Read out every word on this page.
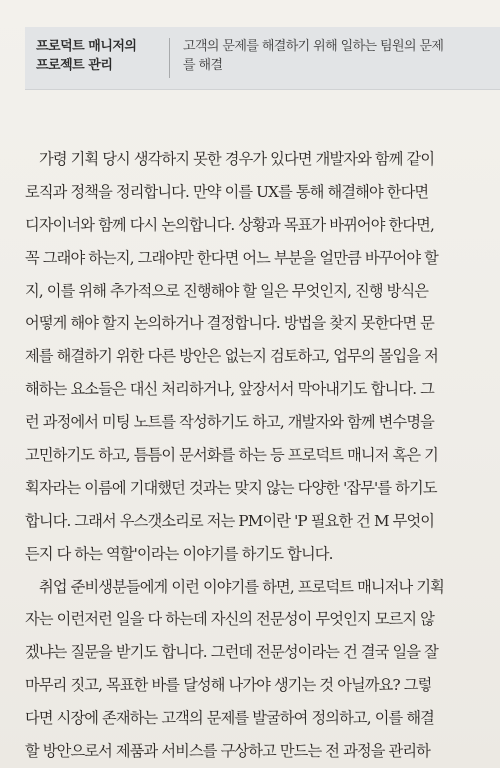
프로덕트 매니저의
프로젝트 관리
고객의 문제를 해결하기 위해 일하는 팀원의 문제
를 해결
가령 기획 당시 생각하지 못한 경우가 있다면 개발자와 함께 같이
로직과 정책을 정리합니다. 만약 이를 UX를 통해 해결해야 한다면
디자이너와 함께 다시 논의합니다. 상황과 목표가 바뀌어야 한다면,
꼭 그래야 하는지, 그래야만 한다면 어느 부분을 얼만큼 바꾸어야 할
지, 이를 위해 추가적으로 진행해야 할 일은 무엇인지, 진행 방식은
어떻게 해야 할지 논의하거나 결정합니다. 방법을 찾지 못한다면 문
제를 해결하기 위한 다른 방안은 없는지 검토하고, 업무의 몰입을 저
해하는 요소들은 대신 처리하거나, 앞장서서 막아내기도 합니다. 그
런 과정에서 미팅 노트를 작성하기도 하고, 개발자와 함께 변수명을
고민하기도 하고, 틈틈이 문서화를 하는 등 프로덕트 매니저 혹은 기
획자라는 이름에 기대했던 것과는 맞지 않는 다양한 '잡무'를 하기도
합니다. 그래서 우스갯소리로 저는 PM이란 'P 필요한 건 M 무엇이
든지 다 하는 역할'이라는 이야기를 하기도 합니다.
취업 준비생분들에게 이런 이야기를 하면, 프로덕트 매니저나 기획
자는 이런저런 일을 다 하는데 자신의 전문성이 무엇인지 모르지 않
겠냐는 질문을 받기도 합니다. 그런데 전문성이라는 건 결국 일을 잘
마무리 짓고, 목표한 바를 달성해 나가야 생기는 것 아닐까요? 그렇
다면 시장에 존재하는 고객의 문제를 발굴하여 정의하고, 이를 해결
할 방안으로서 제품과 서비스를 구상하고 만드는 전 과정을 관리하
